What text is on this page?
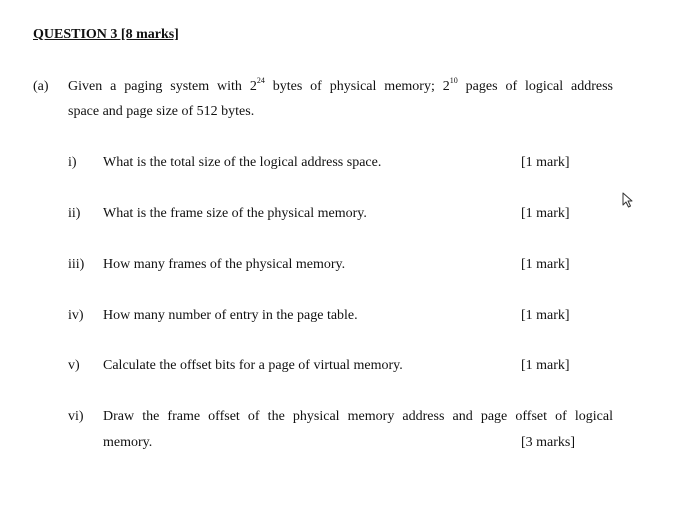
QUESTION 3 [8 marks]
(a) Given a paging system with $2^{24}$ bytes of physical memory; $2^{10}$ pages of logical address
space and page size of 512 bytes.
i) What is the total size of the logical address space.	[1 mark]
ii) What is the frame size of the physical memory.	[1 mark]
iii) How many frames of the physical memory.	[1 mark]
iv) How many number of entry in the page table.	[1 mark]
v) Calculate the offset bits for a page of virtual memory.	[1 mark]
vi) Draw the frame offset of the physical memory address and page offset of logical
memory.	[3 marks]
